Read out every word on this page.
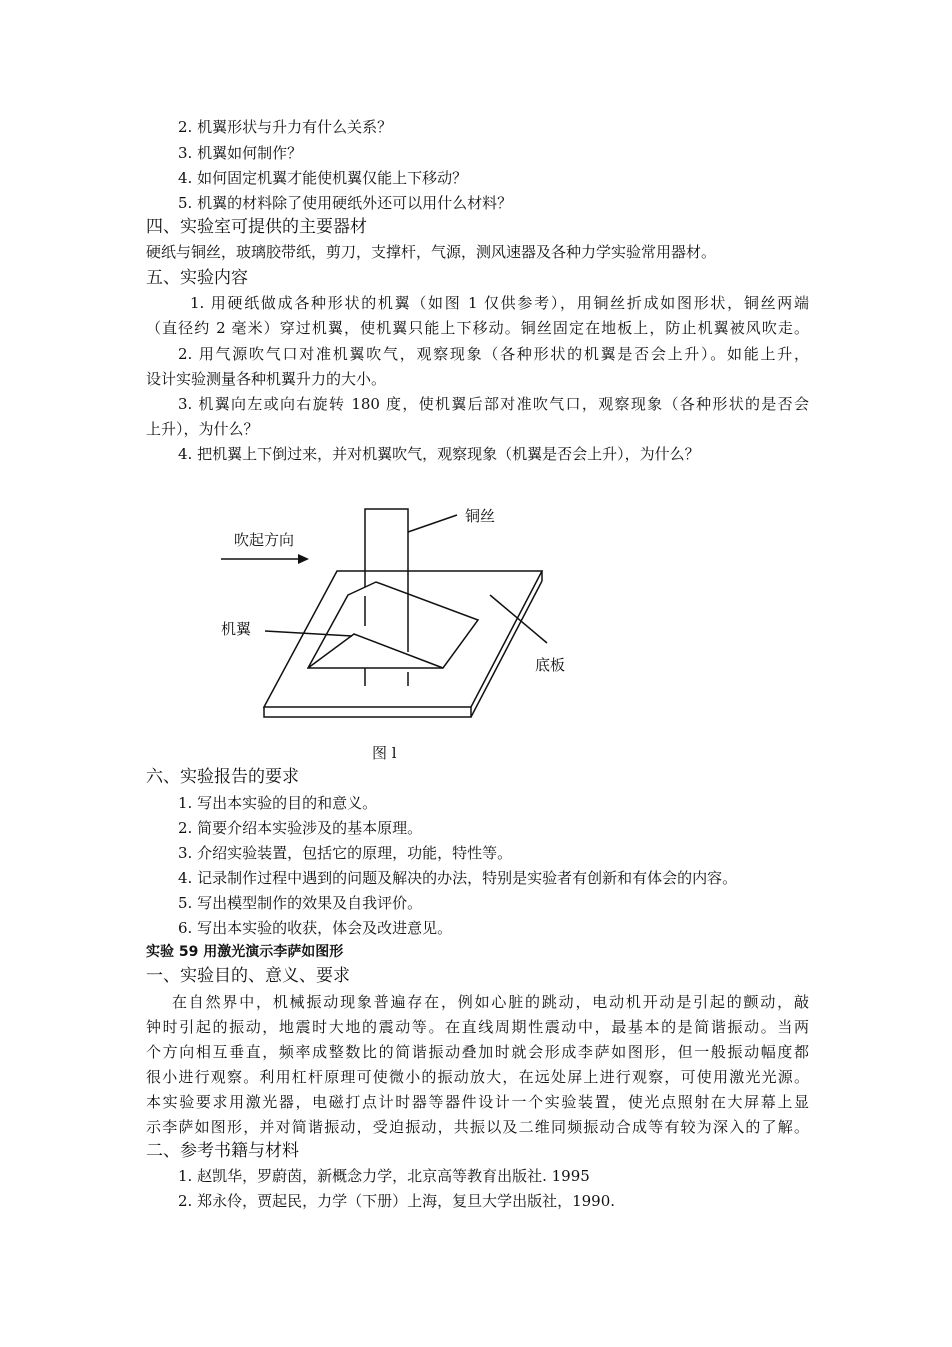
2. 机翼形状与升力有什么关系？
3. 机翼如何制作？
4. 如何固定机翼才能使机翼仅能上下移动？
5. 机翼的材料除了使用硬纸外还可以用什么材料？
四、实验室可提供的主要器材
硬纸与铜丝，玻璃胶带纸，剪刀，支撑杆，气源，测风速器及各种力学实验常用器材。
五、实验内容
1. 用硬纸做成各种形状的机翼（如图 1 仅供参考），用铜丝折成如图形状，铜丝两端
（直径约 2 毫米）穿过机翼，使机翼只能上下移动。铜丝固定在地板上，防止机翼被风吹走。
2. 用气源吹气口对准机翼吹气，观察现象（各种形状的机翼是否会上升）。如能上升，
设计实验测量各种机翼升力的大小。
3. 机翼向左或向右旋转 180 度，使机翼后部对准吹气口，观察现象（各种形状的是否会
上升），为什么？
4. 把机翼上下倒过来，并对机翼吹气，观察现象（机翼是否会上升），为什么？
铜丝
吹起方向
机翼
底板
图 l
六、实验报告的要求
1. 写出本实验的目的和意义。
2. 简要介绍本实验涉及的基本原理。
3. 介绍实验装置，包括它的原理，功能，特性等。
4. 记录制作过程中遇到的问题及解决的办法，特别是实验者有创新和有体会的内容。
5. 写出模型制作的效果及自我评价。
6. 写出本实验的收获，体会及改进意见。
实验 59 用激光演示李萨如图形
一、实验目的、意义、要求
在自然界中，机械振动现象普遍存在，例如心脏的跳动，电动机开动是引起的颤动，敲
钟时引起的振动，地震时大地的震动等。在直线周期性震动中，最基本的是简谐振动。当两
个方向相互垂直，频率成整数比的简谐振动叠加时就会形成李萨如图形，但一般振动幅度都
很小进行观察。利用杠杆原理可使微小的振动放大，在远处屏上进行观察，可使用激光光源。
本实验要求用激光器，电磁打点计时器等器件设计一个实验装置，使光点照射在大屏幕上显
示李萨如图形，并对简谐振动，受迫振动，共振以及二维同频振动合成等有较为深入的了解。
二、参考书籍与材料
1. 赵凯华，罗蔚茵，新概念力学，北京高等教育出版社. 1995
2. 郑永伶，贾起民，力学（下册）上海，复旦大学出版社，1990.
